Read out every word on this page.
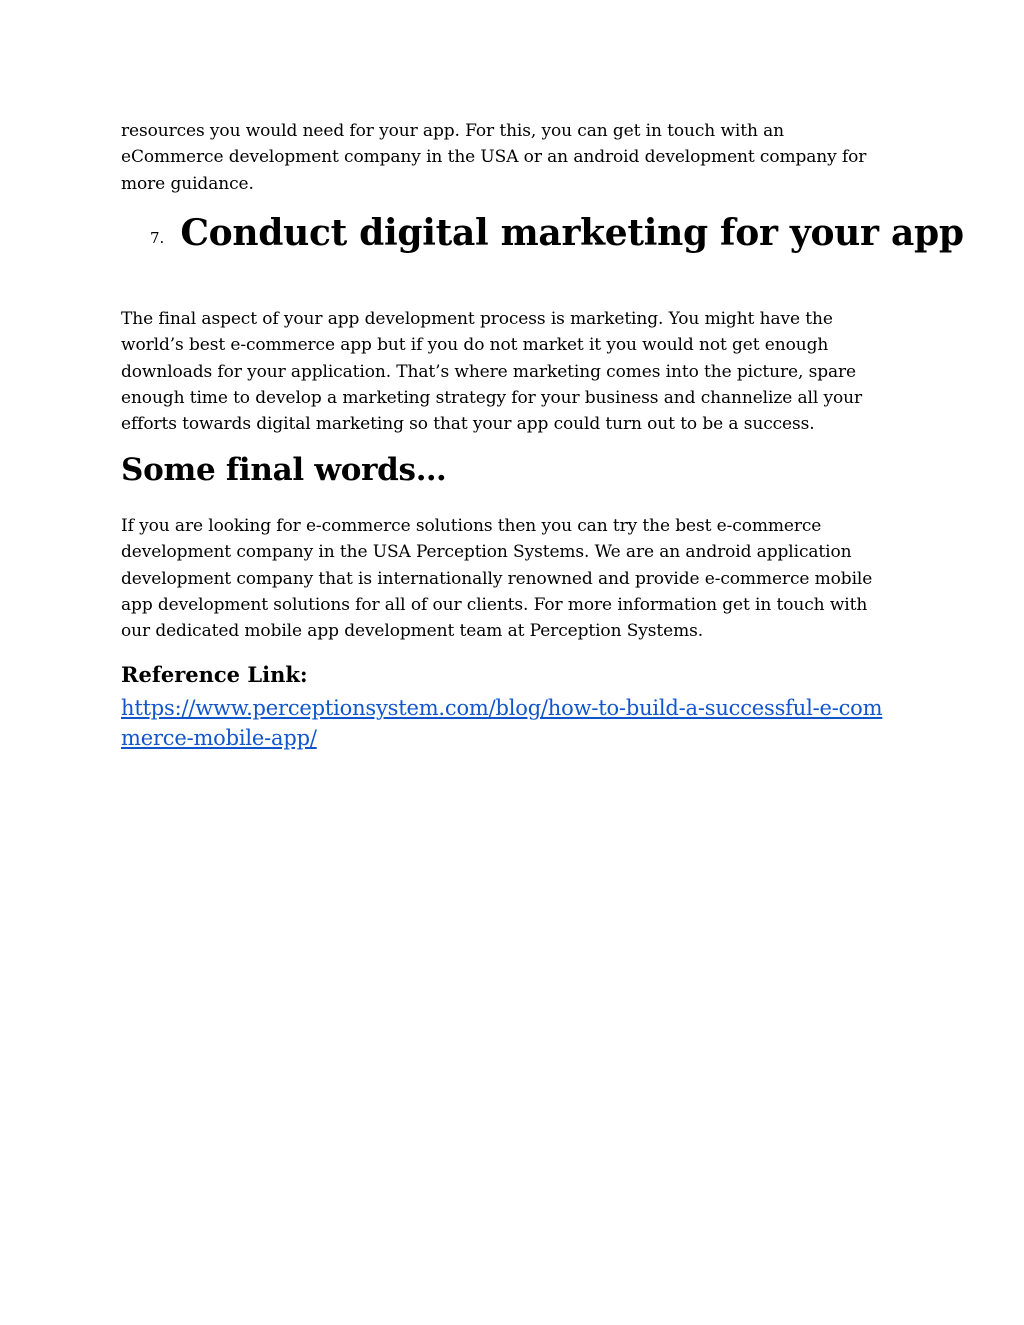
resources you would need for your app. For this, you can get in touch with an
eCommerce development company in the USA or an android development company for
more guidance.

7. Conduct digital marketing for your app

The final aspect of your app development process is marketing. You might have the
world’s best e-commerce app but if you do not market it you would not get enough
downloads for your application. That’s where marketing comes into the picture, spare
enough time to develop a marketing strategy for your business and channelize all your
efforts towards digital marketing so that your app could turn out to be a success.

Some final words…

If you are looking for e-commerce solutions then you can try the best e-commerce
development company in the USA Perception Systems. We are an android application
development company that is internationally renowned and provide e-commerce mobile
app development solutions for all of our clients. For more information get in touch with
our dedicated mobile app development team at Perception Systems.

Reference Link:
https://www.perceptionsystem.com/blog/how-to-build-a-successful-e-com
merce-mobile-app/
